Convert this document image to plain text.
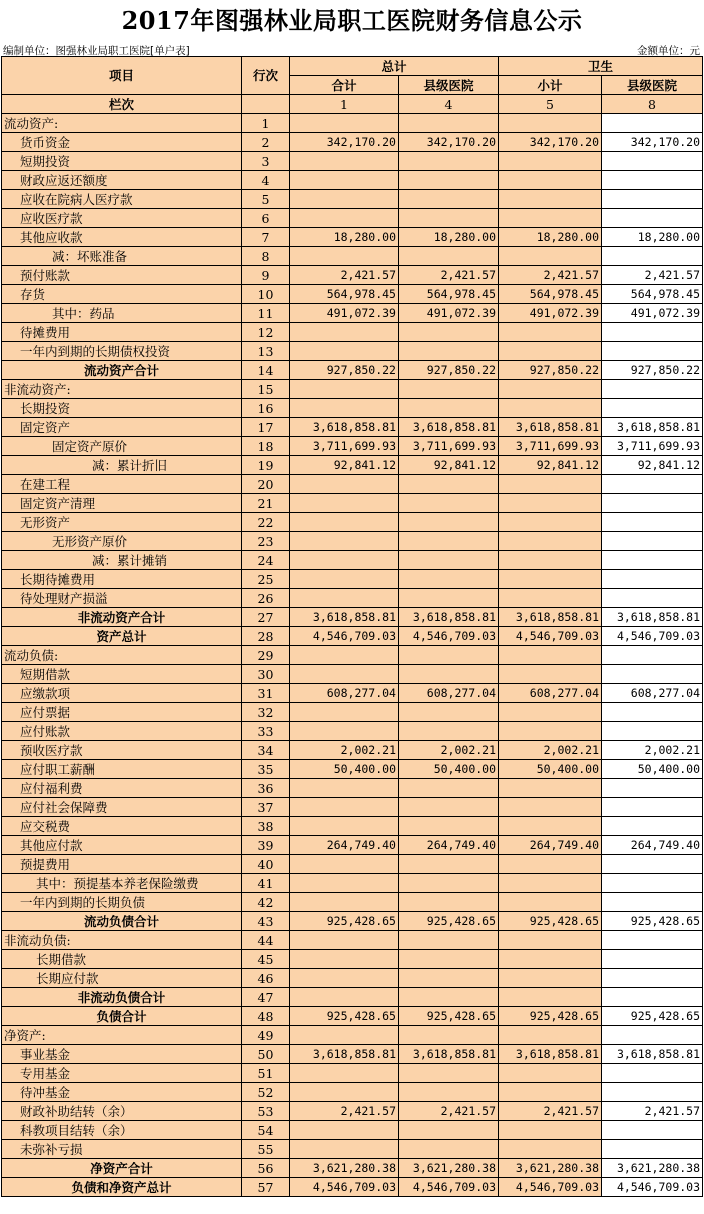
2017年图强林业局职工医院财务信息公示
编制单位：图强林业局职工医院[单户表]	金额单位：元
项目	行次	总计		卫生	
		合计	县级医院	小计	县级医院
栏次		1	4	5	8
流动资产:	1				
货币资金	2	342,170.20	342,170.20	342,170.20	342,170.20
短期投资	3				
财政应返还额度	4				
应收在院病人医疗款	5				
应收医疗款	6				
其他应收款	7	18,280.00	18,280.00	18,280.00	18,280.00
减：坏账准备	8				
预付账款	9	2,421.57	2,421.57	2,421.57	2,421.57
存货	10	564,978.45	564,978.45	564,978.45	564,978.45
其中：药品	11	491,072.39	491,072.39	491,072.39	491,072.39
待摊费用	12				
一年内到期的长期债权投资	13				
流动资产合计	14	927,850.22	927,850.22	927,850.22	927,850.22
非流动资产:	15				
长期投资	16				
固定资产	17	3,618,858.81	3,618,858.81	3,618,858.81	3,618,858.81
固定资产原价	18	3,711,699.93	3,711,699.93	3,711,699.93	3,711,699.93
减：累计折旧	19	92,841.12	92,841.12	92,841.12	92,841.12
在建工程	20				
固定资产清理	21				
无形资产	22				
无形资产原价	23				
减：累计摊销	24				
长期待摊费用	25				
待处理财产损溢	26				
非流动资产合计	27	3,618,858.81	3,618,858.81	3,618,858.81	3,618,858.81
资产总计	28	4,546,709.03	4,546,709.03	4,546,709.03	4,546,709.03
流动负债:	29				
短期借款	30				
应缴款项	31	608,277.04	608,277.04	608,277.04	608,277.04
应付票据	32				
应付账款	33				
预收医疗款	34	2,002.21	2,002.21	2,002.21	2,002.21
应付职工薪酬	35	50,400.00	50,400.00	50,400.00	50,400.00
应付福利费	36				
应付社会保障费	37				
应交税费	38				
其他应付款	39	264,749.40	264,749.40	264,749.40	264,749.40
预提费用	40				
其中：预提基本养老保险缴费	41				
一年内到期的长期负债	42				
流动负债合计	43	925,428.65	925,428.65	925,428.65	925,428.65
非流动负债:	44				
长期借款	45				
长期应付款	46				
非流动负债合计	47				
负债合计	48	925,428.65	925,428.65	925,428.65	925,428.65
净资产:	49				
事业基金	50	3,618,858.81	3,618,858.81	3,618,858.81	3,618,858.81
专用基金	51				
待冲基金	52				
财政补助结转（余）	53	2,421.57	2,421.57	2,421.57	2,421.57
科教项目结转（余）	54				
未弥补亏损	55				
净资产合计	56	3,621,280.38	3,621,280.38	3,621,280.38	3,621,280.38
负债和净资产总计	57	4,546,709.03	4,546,709.03	4,546,709.03	4,546,709.03
